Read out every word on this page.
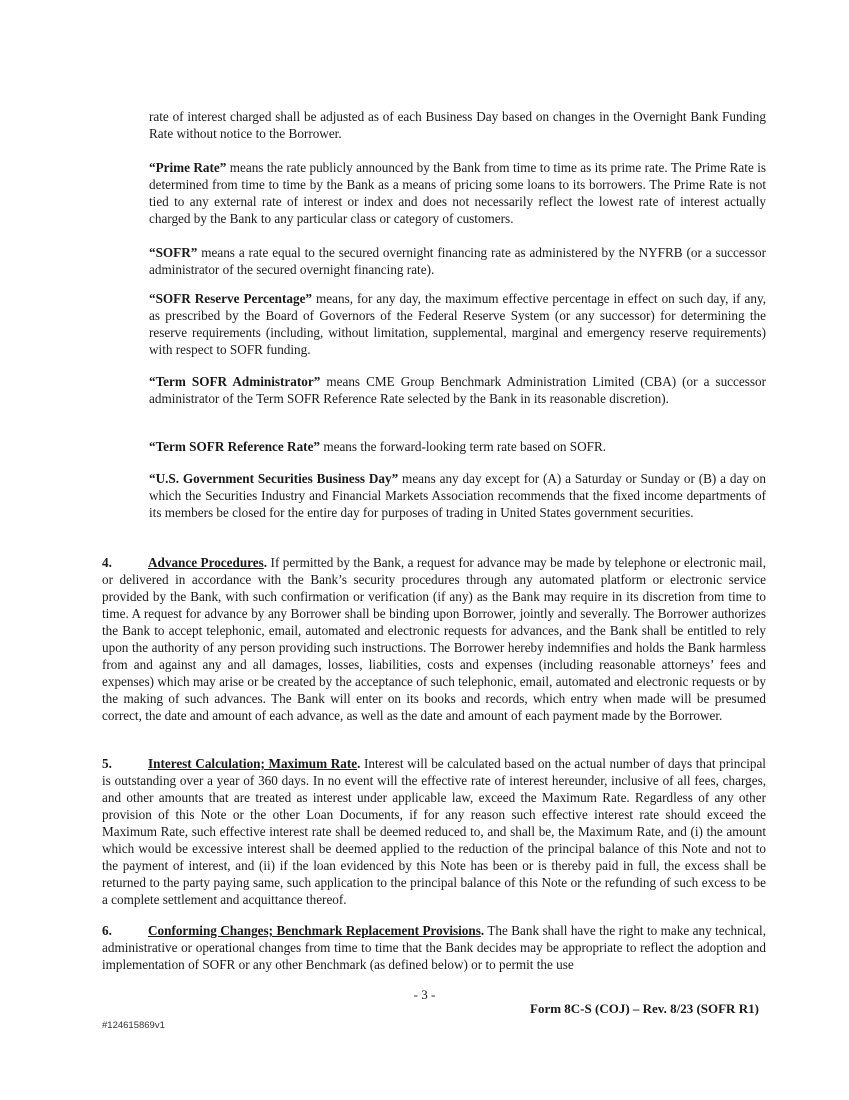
rate of interest charged shall be adjusted as of each Business Day based on changes in the Overnight Bank Funding Rate without notice to the Borrower.

“Prime Rate” means the rate publicly announced by the Bank from time to time as its prime rate. The Prime Rate is determined from time to time by the Bank as a means of pricing some loans to its borrowers. The Prime Rate is not tied to any external rate of interest or index and does not necessarily reflect the lowest rate of interest actually charged by the Bank to any particular class or category of customers.

“SOFR” means a rate equal to the secured overnight financing rate as administered by the NYFRB (or a successor administrator of the secured overnight financing rate).

“SOFR Reserve Percentage” means, for any day, the maximum effective percentage in effect on such day, if any, as prescribed by the Board of Governors of the Federal Reserve System (or any successor) for determining the reserve requirements (including, without limitation, supplemental, marginal and emergency reserve requirements) with respect to SOFR funding.

“Term SOFR Administrator” means CME Group Benchmark Administration Limited (CBA) (or a successor administrator of the Term SOFR Reference Rate selected by the Bank in its reasonable discretion).

“Term SOFR Reference Rate” means the forward-looking term rate based on SOFR.

“U.S. Government Securities Business Day” means any day except for (A) a Saturday or Sunday or (B) a day on which the Securities Industry and Financial Markets Association recommends that the fixed income departments of its members be closed for the entire day for purposes of trading in United States government securities.

4.	Advance Procedures. If permitted by the Bank, a request for advance may be made by telephone or electronic mail, or delivered in accordance with the Bank’s security procedures through any automated platform or electronic service provided by the Bank, with such confirmation or verification (if any) as the Bank may require in its discretion from time to time. A request for advance by any Borrower shall be binding upon Borrower, jointly and severally. The Borrower authorizes the Bank to accept telephonic, email, automated and electronic requests for advances, and the Bank shall be entitled to rely upon the authority of any person providing such instructions. The Borrower hereby indemnifies and holds the Bank harmless from and against any and all damages, losses, liabilities, costs and expenses (including reasonable attorneys’ fees and expenses) which may arise or be created by the acceptance of such telephonic, email, automated and electronic requests or by the making of such advances. The Bank will enter on its books and records, which entry when made will be presumed correct, the date and amount of each advance, as well as the date and amount of each payment made by the Borrower.

5.	Interest Calculation; Maximum Rate. Interest will be calculated based on the actual number of days that principal is outstanding over a year of 360 days. In no event will the effective rate of interest hereunder, inclusive of all fees, charges, and other amounts that are treated as interest under applicable law, exceed the Maximum Rate. Regardless of any other provision of this Note or the other Loan Documents, if for any reason such effective interest rate should exceed the Maximum Rate, such effective interest rate shall be deemed reduced to, and shall be, the Maximum Rate, and (i) the amount which would be excessive interest shall be deemed applied to the reduction of the principal balance of this Note and not to the payment of interest, and (ii) if the loan evidenced by this Note has been or is thereby paid in full, the excess shall be returned to the party paying same, such application to the principal balance of this Note or the refunding of such excess to be a complete settlement and acquittance thereof.

6.	Conforming Changes; Benchmark Replacement Provisions. The Bank shall have the right to make any technical, administrative or operational changes from time to time that the Bank decides may be appropriate to reflect the adoption and implementation of SOFR or any other Benchmark (as defined below) or to permit the use

- 3 -
Form 8C-S (COJ) – Rev. 8/23 (SOFR R1)
#124615869v1
